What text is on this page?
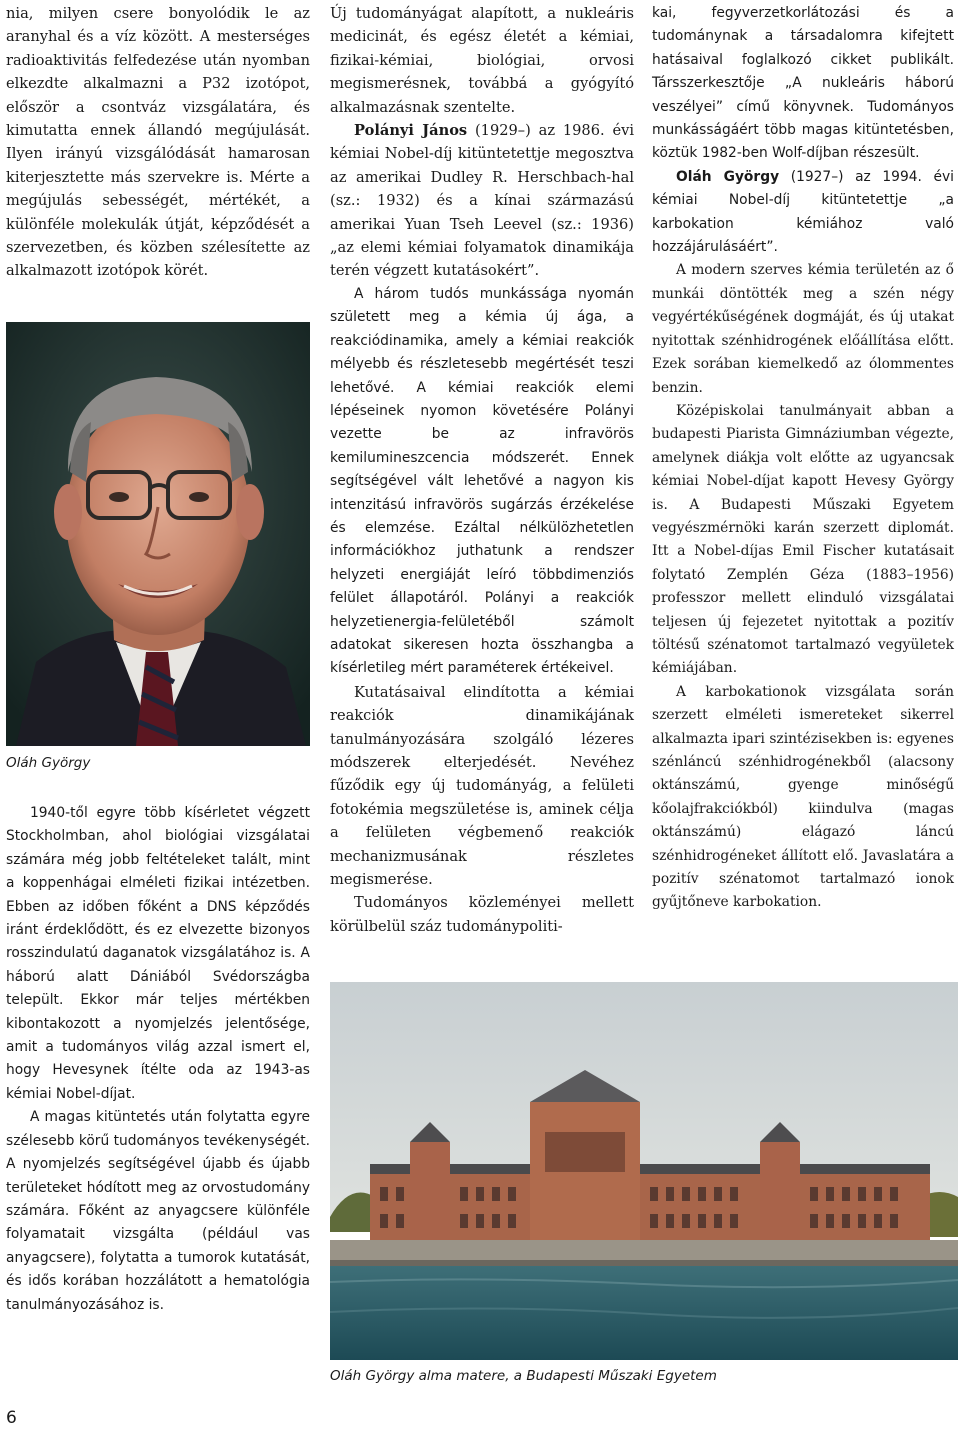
nia, milyen csere bonyolódik le az aranyhal és a víz között. A mesterséges radioaktivitás felfedezése után nyomban elkezdte alkalmazni a P32 izotópot, először a csontváz vizsgálatára, és kimutatta ennek állandó megújulását. Ilyen irányú vizsgálódását hamarosan kiterjesztette más szervekre is. Mérte a megújulás sebességét, mértékét, a különféle molekulák útját, képződését a szervezetben, és közben szélesítette az alkalmazott izotópok körét.

Oláh György

1940-től egyre több kísérletet végzett Stockholmban, ahol biológiai vizsgálatai számára még jobb feltételeket talált, mint a koppenhágai elméleti fizikai intézetben. Ebben az időben főként a DNS képződés iránt érdeklődött, és ez elvezette bizonyos rosszindulatú daganatok vizsgálatához is. A háború alatt Dániából Svédországba települt. Ekkor már teljes mértékben kibontakozott a nyomjelzés jelentősége, amit a tudományos világ azzal ismert el, hogy Hevesynek ítélte oda az 1943-as kémiai Nobel-díjat.

A magas kitüntetés után folytatta egyre szélesebb körű tudományos tevékenységét. A nyomjelzés segítségével újabb és újabb területeket hódított meg az orvostudomány számára. Főként az anyagcsere különféle folyamatait vizsgálta (például vas anyagcsere), folytatta a tumorok kutatását, és idős korában hozzálátott a hematológia tanulmányozásához is.

Új tudományágat alapított, a nukleáris medicinát, és egész életét a kémiai, fizikai-kémiai, biológiai, orvosi megismerésnek, továbbá a gyógyító alkalmazásnak szentelte.

Polányi János (1929–) az 1986. évi kémiai Nobel-díj kitüntetettje megosztva az amerikai Dudley R. Herschbach-hal (sz.: 1932) és a kínai származású amerikai Yuan Tseh Leevel (sz.: 1936) „az elemi kémiai folyamatok dinamikája terén végzett kutatásokért”.

A három tudós munkássága nyomán született meg a kémia új ága, a reakciódinamika, amely a kémiai reakciók mélyebb és részletesebb megértését teszi lehetővé. A kémiai reakciók elemi lépéseinek nyomon követésére Polányi vezette be az infravörös kemilumineszcencia módszerét. Ennek segítségével vált lehetővé a nagyon kis intenzitású infravörös sugárzás érzékelése és elemzése. Ezáltal nélkülözhetetlen információkhoz juthatunk a rendszer helyzeti energiáját leíró többdimenziós felület állapotáról. Polányi a reakciók helyzetienergia-felületéből számolt adatokat sikeresen hozta összhangba a kísérletileg mért paraméterek értékeivel.

Kutatásaival elindította a kémiai reakciók dinamikájának tanulmányozására szolgáló lézeres módszerek elterjedését. Nevéhez fűződik egy új tudományág, a felületi fotokémia megszületése is, aminek célja a felületen végbemenő reakciók mechanizmusának részletes megismerése.

Tudományos közleményei mellett körülbelül száz tudománypoliti-

kai, fegyverzetkorlátozási és a tudománynak a társadalomra kifejtett hatásaival foglalkozó cikket publikált. Társszerkesztője „A nukleáris háború veszélyei” című könyvnek. Tudományos munkásságáért több magas kitüntetésben, köztük 1982-ben Wolf-díjban részesült.

Oláh György (1927–) az 1994. évi kémiai Nobel-díj kitüntetettje „a karbokation kémiához való hozzájárulásáért”.

A modern szerves kémia területén az ő munkái döntötték meg a szén négy vegyértékűségének dogmáját, és új utakat nyitottak szénhidrogének előállítása előtt. Ezek sorában kiemelkedő az ólommentes benzin.

Középiskolai tanulmányait abban a budapesti Piarista Gimnáziumban végezte, amelynek diákja volt előtte az ugyancsak kémiai Nobel-díjat kapott Hevesy György is. A Budapesti Műszaki Egyetem vegyészmérnöki karán szerzett diplomát. Itt a Nobel-díjas Emil Fischer kutatásait folytató Zemplén Géza (1883–1956) professzor mellett elinduló vizsgálatai teljesen új fejezetet nyitottak a pozitív töltésű szénatomot tartalmazó vegyületek kémiájában.

A karbokationok vizsgálata során szerzett elméleti ismereteket sikerrel alkalmazta ipari szintézisekben is: egyenes szénláncú szénhidrogénekből (alacsony oktánszámú, gyenge minőségű kőolajfrakciókból) kiindulva (magas oktánszámú) elágazó láncú szénhidrogéneket állított elő. Javaslatára a pozitív szénatomot tartalmazó ionok gyűjtőneve karbokation.

Oláh György alma matere, a Budapesti Műszaki Egyetem
6
